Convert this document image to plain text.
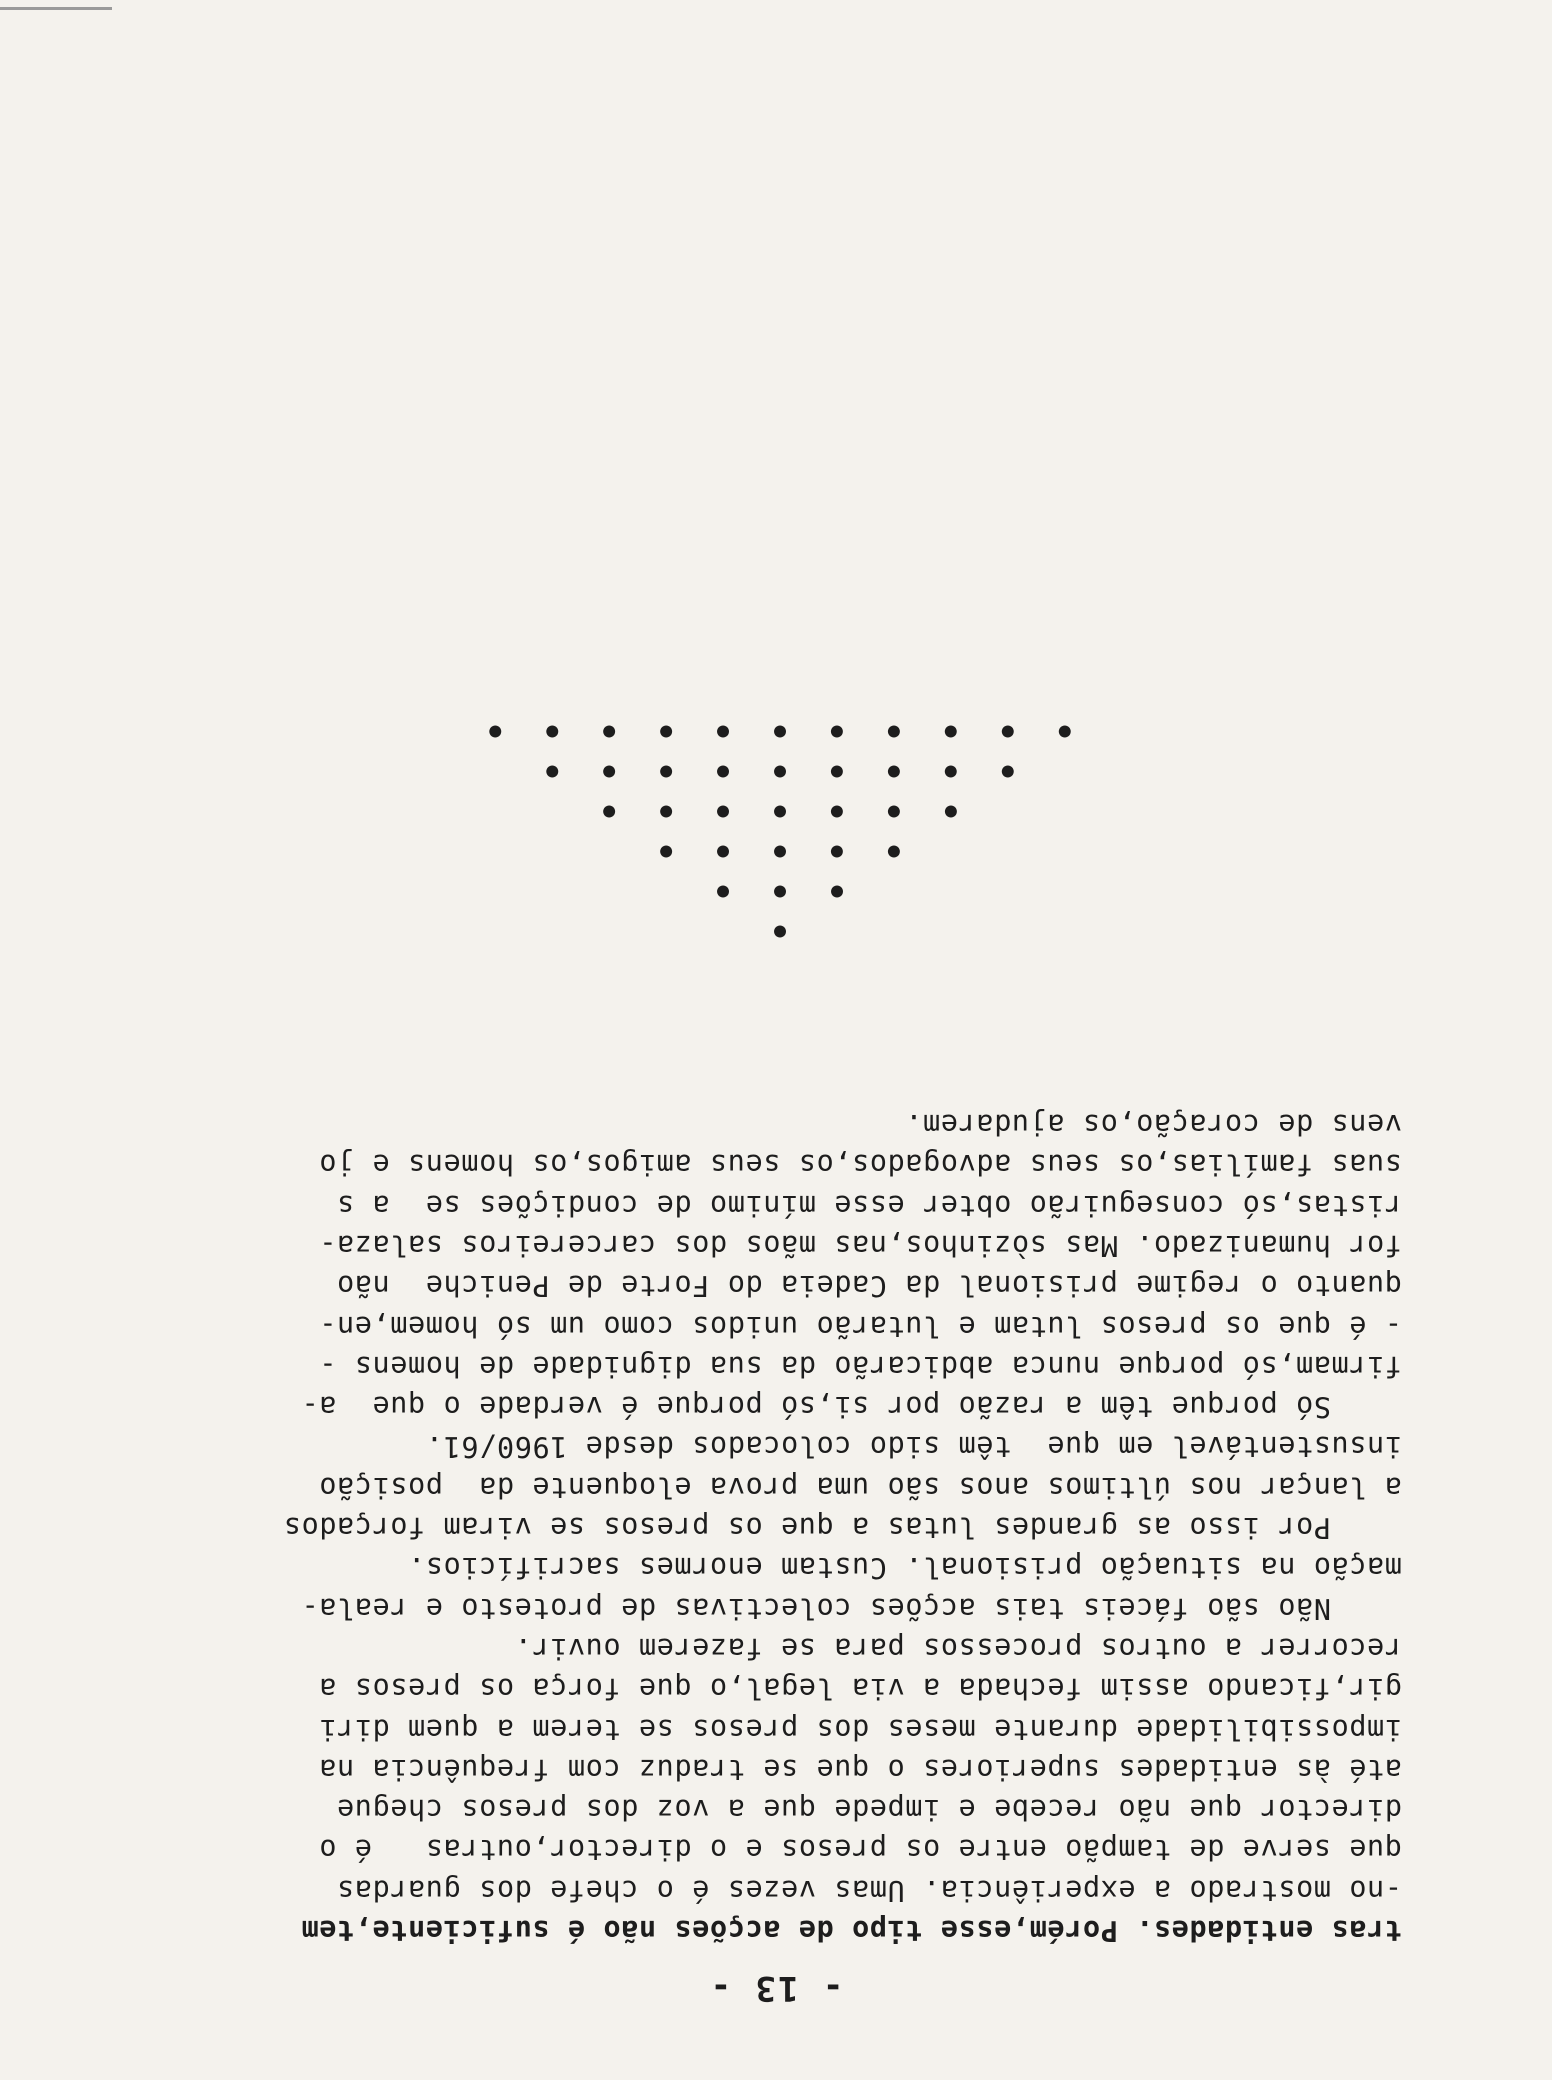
- 13 -
tras entidades. Porém,esse tipo de acções não é suficiente,tem
-no mostrado a experiência. Umas vezes é o chefe dos guardas
que serve de tampão entre os presos e o director,outras   é o
director que não recebe e impede que a voz dos presos chegue
até às entidades superiores o que se traduz com frequência na
impossibilidade durante meses dos presos se terem a quem diri
gir,ficando assim fechada a via legal,o que força os presos a
recorrer a outros processos para se fazerem ouvir.
Não são fáceis tais acções colectivas de protesto e reala-
mação na situação prisional. Custam enormes sacrifícios.
Por isso as grandes lutas a que os presos se viram forçados
a lançar nos últimos anos são uma prova eloquente da  posição
insustentável em que  têm sido colocados desde 1960/61.
Só porque têm a razão por si,só porque é verdade o que  a-
firmam,só porque nunca abdicarão da sua dignidade de homens -
- é que os presos lutam e lutarão unidos como um só homem,en-
quanto o regime prisional da Cadeia do Forte de Peniche  não
for humanizado. Mas sòzinhos,nas mãos dos carcereiros salaza-
ristas,só conseguirão obter esse mínimo de condições se  a s
suas famílias,os seus advogados,os seus amigos,os homens e jo
vens de coração,os ajudarem.
•
• • •
• • • • •
• • • • • • •
• • • • • • • • •
• • • • • • • • • • •
